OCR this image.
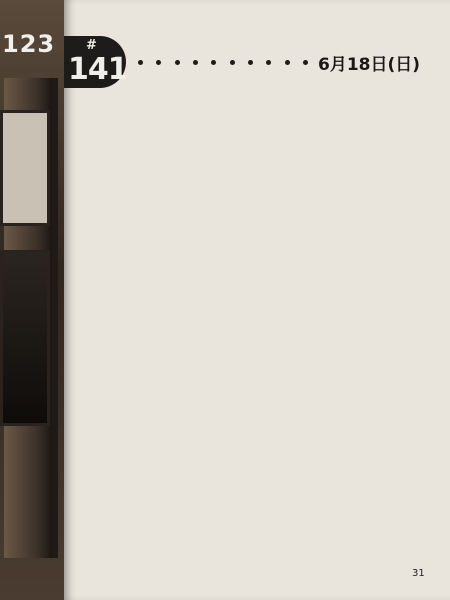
123 #
141	6月18日(日)
31
